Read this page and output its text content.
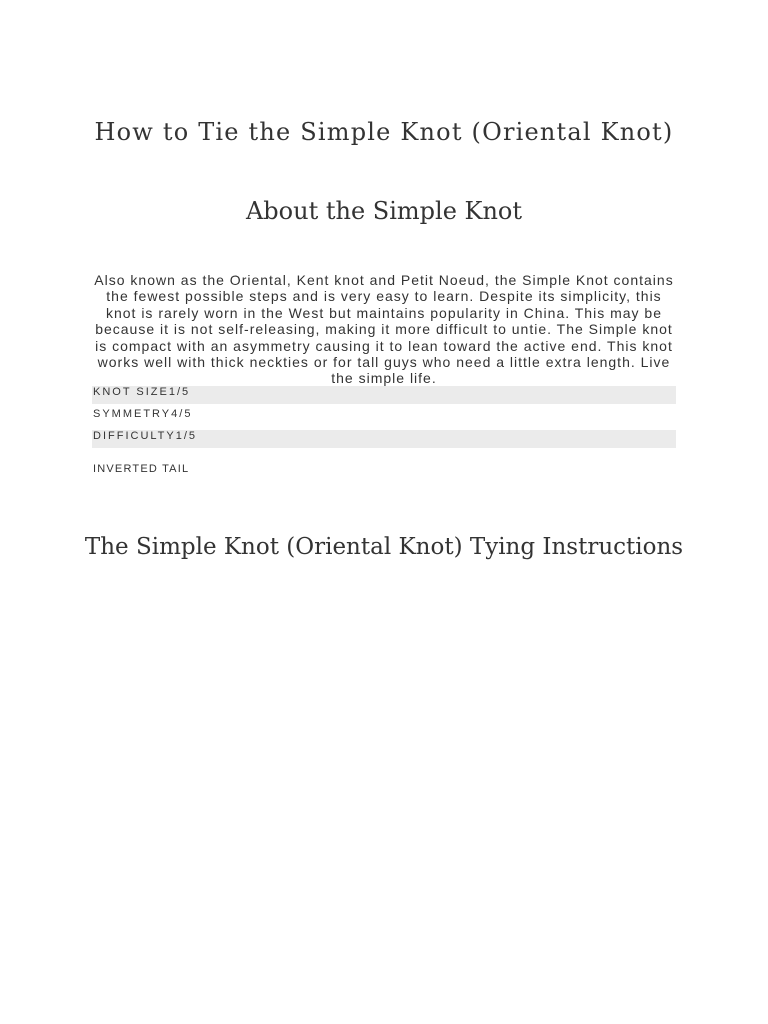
How to Tie the Simple Knot (Oriental Knot)
About the Simple Knot

Also known as the Oriental, Kent knot and Petit Noeud, the Simple Knot contains the fewest possible steps and is very easy to learn. Despite its simplicity, this knot is rarely worn in the West but maintains popularity in China. This may be because it is not self-releasing, making it more difficult to untie. The Simple knot is compact with an asymmetry causing it to lean toward the active end. This knot works well with thick neckties or for tall guys who need a little extra length. Live the simple life.

KNOT SIZE1/5
SYMMETRY4/5
DIFFICULTY1/5

INVERTED TAIL

The Simple Knot (Oriental Knot) Tying Instructions
